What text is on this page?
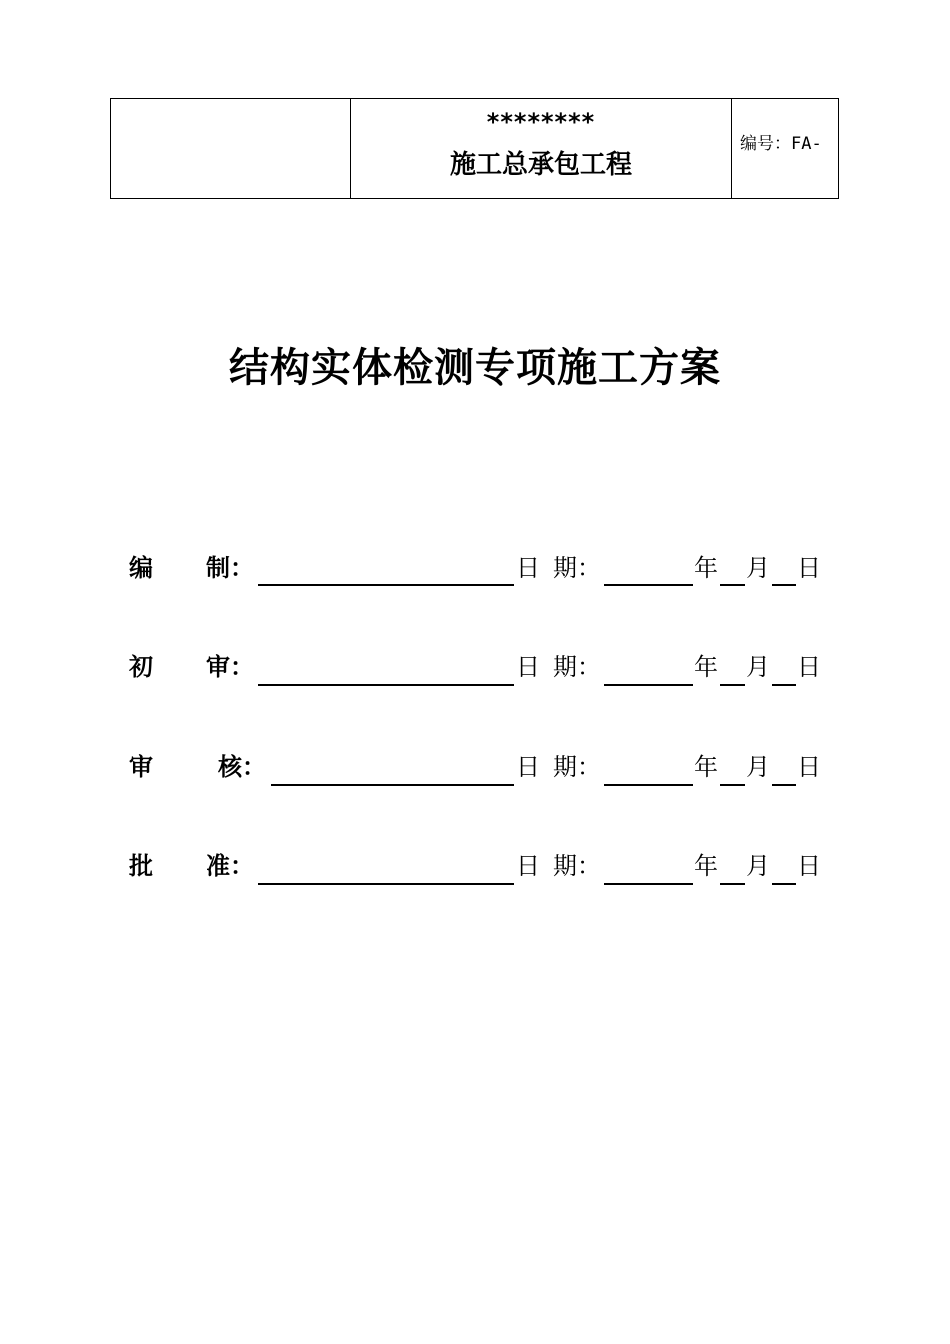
********
施工总承包工程

编号：FA-
结构实体检测专项施工方案
编 制 ：	日 期：	年 月 日
初 审 ：	日 期：	年 月 日
审	核 ：	日 期：	年 月 日
批 准 ：	日 期：	年 月 日
